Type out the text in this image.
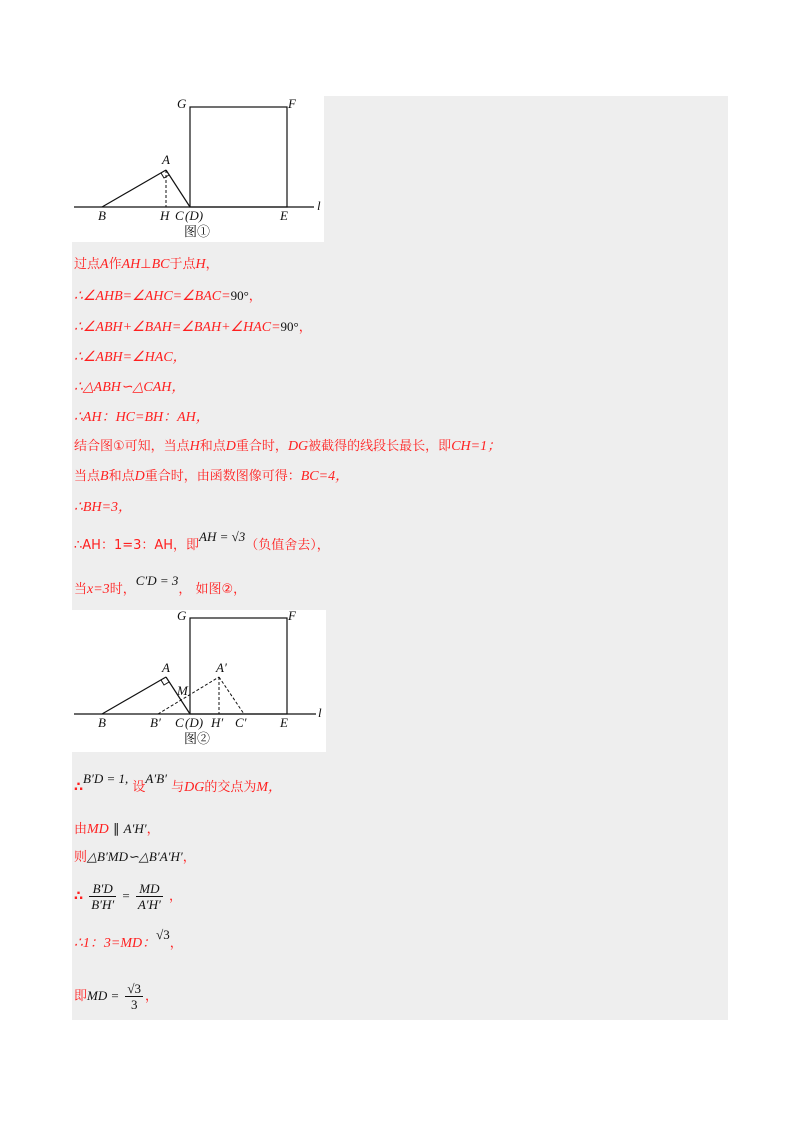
G	F
A
B	H C (D)	E
l
图①
过点A作AH⊥BC于点H，
∴∠AHB=∠AHC=∠BAC=90°，
∴∠ABH+∠BAH=∠BAH+∠HAC=90°，
∴∠ABH=∠HAC，
∴△ABH∽△CAH，
∴AH：HC=BH：AH，
结合图①可知，当点H和点D重合时，DG被截得的线段长最长，即CH=1；
当点B和点D重合时，由函数图像可得：BC=4，
∴BH=3，
∴AH：1=3：AH，即AH = √3（负值舍去），
当x=3时，C′D = 3， 如图②，
G	F
A	A′
M
B	B′ C (D) H′ C′	E
l
图②
∴B′D = 1, 设A′B′ 与DG的交点为M，
由MD ∥ A′H′，
则△B′MD∽△B′A′H′，
∴ $\frac{B'D}{B'H'} = \frac{MD}{A'H'}$ ，
∴1：3=MD：√3，
即MD = $\frac{√3}{3}$ ，
